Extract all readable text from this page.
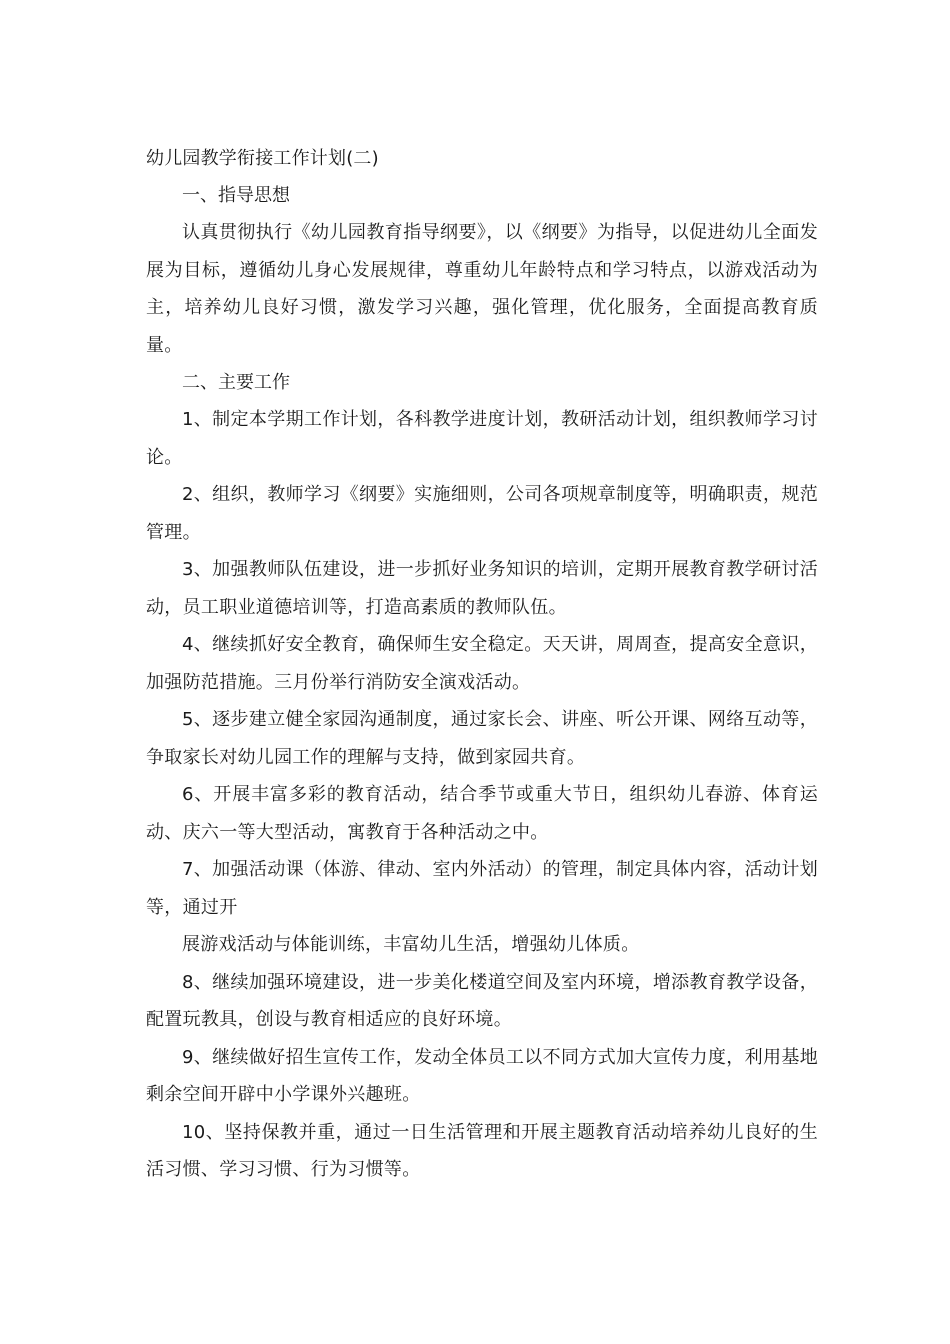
幼儿园教学衔接工作计划(二)

一、指导思想

认真贯彻执行《幼儿园教育指导纲要》，以《纲要》为指导，以促进幼儿全面发展为目标，遵循幼儿身心发展规律，尊重幼儿年龄特点和学习特点，以游戏活动为主，培养幼儿良好习惯，激发学习兴趣，强化管理，优化服务，全面提高教育质量。

二、主要工作

1、制定本学期工作计划，各科教学进度计划，教研活动计划，组织教师学习讨论。

2、组织，教师学习《纲要》实施细则，公司各项规章制度等，明确职责，规范管理。

3、加强教师队伍建设，进一步抓好业务知识的培训，定期开展教育教学研讨活动，员工职业道德培训等，打造高素质的教师队伍。

4、继续抓好安全教育，确保师生安全稳定。天天讲，周周查，提高安全意识，加强防范措施。三月份举行消防安全演戏活动。

5、逐步建立健全家园沟通制度，通过家长会、讲座、听公开课、网络互动等，争取家长对幼儿园工作的理解与支持，做到家园共育。

6、开展丰富多彩的教育活动，结合季节或重大节日，组织幼儿春游、体育运动、庆六一等大型活动，寓教育于各种活动之中。

7、加强活动课（体游、律动、室内外活动）的管理，制定具体内容，活动计划等，通过开

展游戏活动与体能训练，丰富幼儿生活，增强幼儿体质。

8、继续加强环境建设，进一步美化楼道空间及室内环境，增添教育教学设备，配置玩教具，创设与教育相适应的良好环境。

9、继续做好招生宣传工作，发动全体员工以不同方式加大宣传力度，利用基地剩余空间开辟中小学课外兴趣班。

10、坚持保教并重，通过一日生活管理和开展主题教育活动培养幼儿良好的生活习惯、学习习惯、行为习惯等。
